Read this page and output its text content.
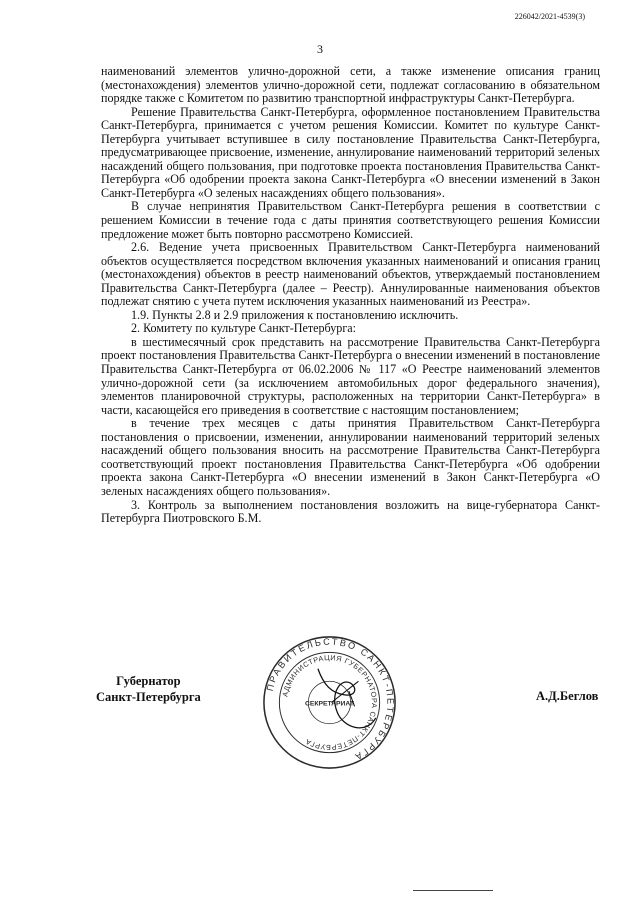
226042/2021-4539(3)
3

наименований элементов улично-дорожной сети, а также изменение описания границ (местонахождения) элементов улично-дорожной сети, подлежат согласованию в обязательном порядке также с Комитетом по развитию транспортной инфраструктуры Санкт-Петербурга.

Решение Правительства Санкт-Петербурга, оформленное постановлением Правительства Санкт-Петербурга, принимается с учетом решения Комиссии. Комитет по культуре Санкт-Петербурга учитывает вступившее в силу постановление Правительства Санкт-Петербурга, предусматривающее присвоение, изменение, аннулирование наименований территорий зеленых насаждений общего пользования, при подготовке проекта постановления Правительства Санкт-Петербурга «Об одобрении проекта закона Санкт-Петербурга «О внесении изменений в Закон Санкт-Петербурга «О зеленых насаждениях общего пользования».

В случае непринятия Правительством Санкт-Петербурга решения в соответствии с решением Комиссии в течение года с даты принятия соответствующего решения Комиссии предложение может быть повторно рассмотрено Комиссией.

2.6. Ведение учета присвоенных Правительством Санкт-Петербурга наименований объектов осуществляется посредством включения указанных наименований и описания границ (местонахождения) объектов в реестр наименований объектов, утверждаемый постановлением Правительства Санкт-Петербурга (далее – Реестр). Аннулированные наименования объектов подлежат снятию с учета путем исключения указанных наименований из Реестра».

1.9. Пункты 2.8 и 2.9 приложения к постановлению исключить.

2. Комитету по культуре Санкт-Петербурга:

в шестимесячный срок представить на рассмотрение Правительства Санкт-Петербурга проект постановления Правительства Санкт-Петербурга о внесении изменений в постановление Правительства Санкт-Петербурга от 06.02.2006 № 117 «О Реестре наименований элементов улично-дорожной сети (за исключением автомобильных дорог федерального значения), элементов планировочной структуры, расположенных на территории Санкт-Петербурга» в части, касающейся его приведения в соответствие с настоящим постановлением;

в течение трех месяцев с даты принятия Правительством Санкт-Петербурга постановления о присвоении, изменении, аннулировании наименований территорий зеленых насаждений общего пользования вносить на рассмотрение Правительства Санкт-Петербурга соответствующий проект постановления Правительства Санкт-Петербурга «Об одобрении проекта закона Санкт-Петербурга «О внесении изменений в Закон Санкт-Петербурга «О зеленых насаждениях общего пользования».

3. Контроль за выполнением постановления возложить на вице-губернатора Санкт-Петербурга Пиотровского Б.М.

Губернатор
Санкт-Петербурга
ПРАВИТЕЛЬСТВО САНКТ-ПЕТЕРБУРГА
АДМИНИСТРАЦИЯ ГУБЕРНАТОРА САНКТ-ПЕТЕРБУРГА
СЕКРЕТАРИАТ
А.Д.Беглов
